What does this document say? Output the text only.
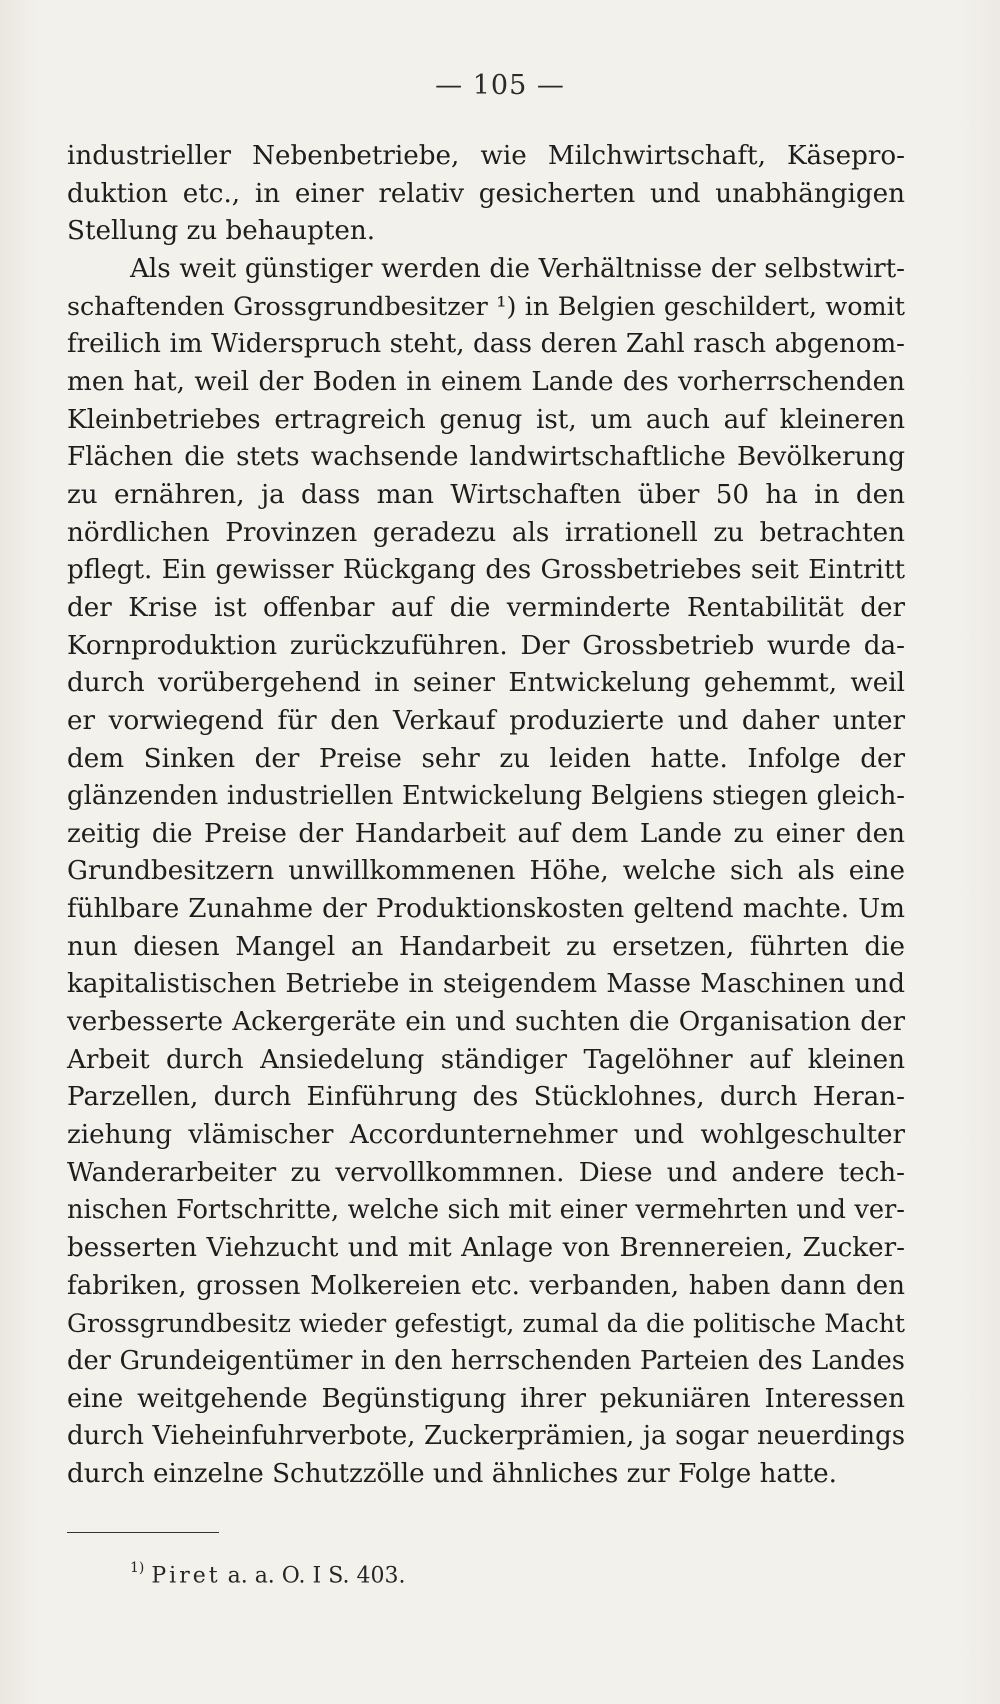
— 105 —
industrieller Nebenbetriebe, wie Milchwirtschaft, Käsepro-
duktion etc., in einer relativ gesicherten und unabhängigen
Stellung zu behaupten.
Als weit günstiger werden die Verhältnisse der selbstwirt-
schaftenden Grossgrundbesitzer ¹) in Belgien geschildert, womit
freilich im Widerspruch steht, dass deren Zahl rasch abgenom-
men hat, weil der Boden in einem Lande des vorherrschenden
Kleinbetriebes ertragreich genug ist, um auch auf kleineren
Flächen die stets wachsende landwirtschaftliche Bevölkerung
zu ernähren, ja dass man Wirtschaften über 50 ha in den
nördlichen Provinzen geradezu als irrationell zu betrachten
pflegt. Ein gewisser Rückgang des Grossbetriebes seit Eintritt
der Krise ist offenbar auf die verminderte Rentabilität der
Kornproduktion zurückzuführen. Der Grossbetrieb wurde da-
durch vorübergehend in seiner Entwickelung gehemmt, weil
er vorwiegend für den Verkauf produzierte und daher unter
dem Sinken der Preise sehr zu leiden hatte. Infolge der
glänzenden industriellen Entwickelung Belgiens stiegen gleich-
zeitig die Preise der Handarbeit auf dem Lande zu einer den
Grundbesitzern unwillkommenen Höhe, welche sich als eine
fühlbare Zunahme der Produktionskosten geltend machte. Um
nun diesen Mangel an Handarbeit zu ersetzen, führten die
kapitalistischen Betriebe in steigendem Masse Maschinen und
verbesserte Ackergeräte ein und suchten die Organisation der
Arbeit durch Ansiedelung ständiger Tagelöhner auf kleinen
Parzellen, durch Einführung des Stücklohnes, durch Heran-
ziehung vlämischer Accordunternehmer und wohlgeschulter
Wanderarbeiter zu vervollkommnen. Diese und andere tech-
nischen Fortschritte, welche sich mit einer vermehrten und ver-
besserten Viehzucht und mit Anlage von Brennereien, Zucker-
fabriken, grossen Molkereien etc. verbanden, haben dann den
Grossgrundbesitz wieder gefestigt, zumal da die politische Macht
der Grundeigentümer in den herrschenden Parteien des Landes
eine weitgehende Begünstigung ihrer pekuniären Interessen
durch Vieheinfuhrverbote, Zuckerprämien, ja sogar neuerdings
durch einzelne Schutzzölle und ähnliches zur Folge hatte.
$^{1)}$ Piret a. a. O. I S. 403.
